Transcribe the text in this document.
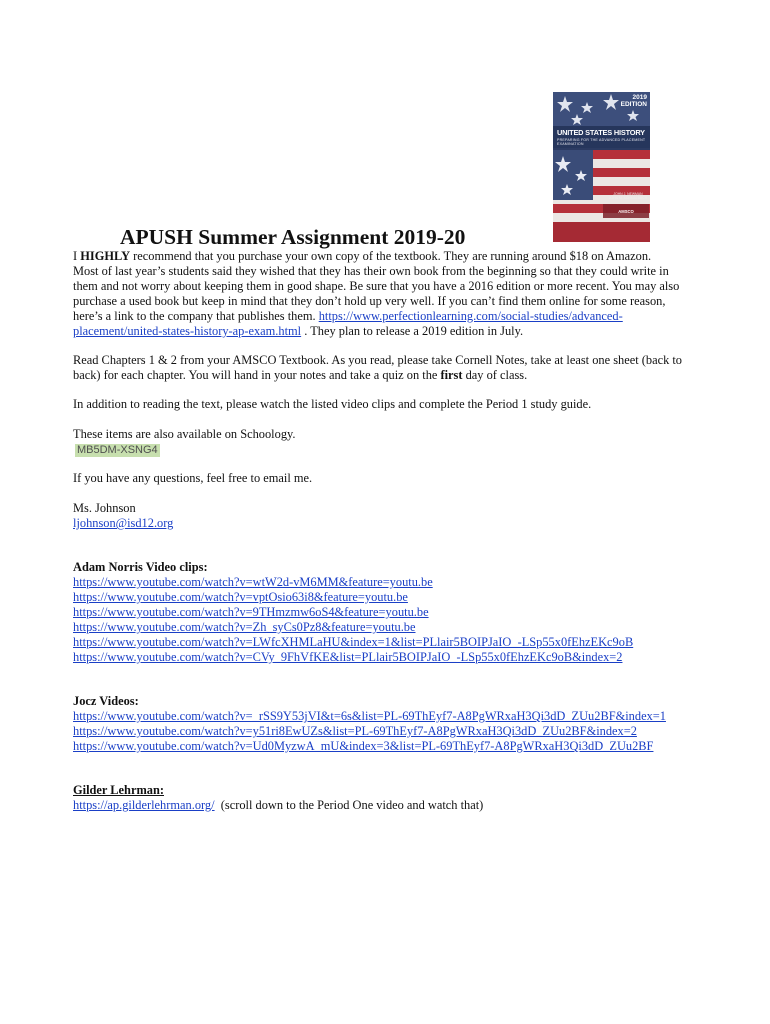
2019
EDITION
UNITED STATES HISTORY
PREPARING FOR THE ADVANCED PLACEMENT EXAMINATION
JOHN J. NEWMAN
JOHN M. SCHMALBACH
AMSCO
APUSH Summer Assignment 2019-20
I HIGHLY recommend that you purchase your own copy of the textbook. They are running around $18 on Amazon.
Most of last year’s students said they wished that they has their own book from the beginning so that they could write in
them and not worry about keeping them in good shape. Be sure that you have a 2016 edition or more recent. You may also
purchase a used book but keep in mind that they don’t hold up very well. If you can’t find them online for some reason,
here’s a link to the company that publishes them. https://www.perfectionlearning.com/social-studies/advanced-
placement/united-states-history-ap-exam.html . They plan to release a 2019 edition in July.
Read Chapters 1 & 2 from your AMSCO Textbook. As you read, please take Cornell Notes, take at least one sheet (back to
back) for each chapter. You will hand in your notes and take a quiz on the first day of class.
In addition to reading the text, please watch the listed video clips and complete the Period 1 study guide.
These items are also available on Schoology.
MB5DM-XSNG4
If you have any questions, feel free to email me.
Ms. Johnson
ljohnson@isd12.org
Adam Norris Video clips:
https://www.youtube.com/watch?v=wtW2d-vM6MM&feature=youtu.be
https://www.youtube.com/watch?v=vptOsio63i8&feature=youtu.be
https://www.youtube.com/watch?v=9THmzmw6oS4&feature=youtu.be
https://www.youtube.com/watch?v=Zh_syCs0Pz8&feature=youtu.be
https://www.youtube.com/watch?v=LWfcXHMLaHU&index=1&list=PLlair5BOIPJaIO_-LSp55x0fEhzEKc9oB
https://www.youtube.com/watch?v=CVy_9FhVfKE&list=PLlair5BOIPJaIO_-LSp55x0fEhzEKc9oB&index=2
Jocz Videos:
https://www.youtube.com/watch?v=_rSS9Y53jVI&t=6s&list=PL-69ThEyf7-A8PgWRxaH3Qi3dD_ZUu2BF&index=1
https://www.youtube.com/watch?v=y51ri8EwUZs&list=PL-69ThEyf7-A8PgWRxaH3Qi3dD_ZUu2BF&index=2
https://www.youtube.com/watch?v=Ud0MyzwA_mU&index=3&list=PL-69ThEyf7-A8PgWRxaH3Qi3dD_ZUu2BF
Gilder Lehrman:
https://ap.gilderlehrman.org/  (scroll down to the Period One video and watch that)
